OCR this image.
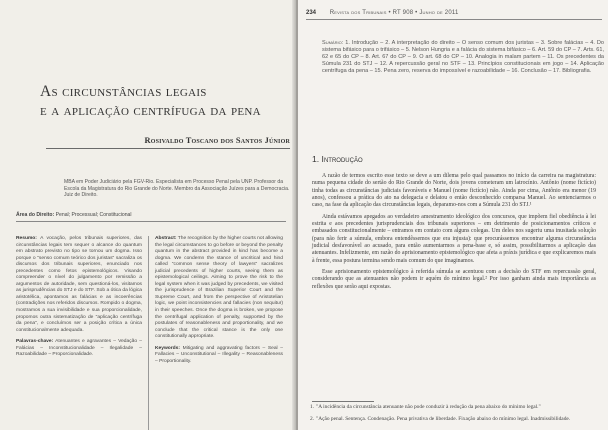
As circunstâncias legais
e a aplicação centrífuga da pena
Rosivaldo Toscano dos Santos Júnior
MBA em Poder Judiciário pela FGV-Rio. Especialista em Processo Penal pela UNP. Professor da Escola da Magistratura do Rio Grande do Norte. Membro da Associação Juízes para a Democracia. Juiz de Direito.
Área do Direito: Penal; Processual; Constitucional
Resumo: A vocação, pelos tribunais superiores, das circunstâncias legais tem sequer o alcance do quantum em abstrato previsto no tipo se tornou um dogma. Isso porque o "senso comum teórico dos juristas" sacraliza os discursos dos tribunais superiores, enunciado nos precedentes como fetos epistemológicos. Visando compreender o nível do julgamento por remissão a argumentos de autoridade, sem questioná-los, visitamos as jurisprudências do STJ e do STF. Sob a ótica da lógica aristotélica, apontamos as falácias e as incoerências (contradições nos referidos discursos. Rompido o dogma, mostramos a sua invisibilidade e sua proporcionalidade, propomos outra sistematização de "aplicação centrífuga da pena", e concluímos ser a posição crítica a única constitucionalmente adequada.
Palavras-chave: Atenuantes e agravantes – Vedação – Falácias – Inconstitucionalidade – Ilegalidade – Razoabilidade – Proporcionalidade.
Abstract: The recognition by the higher courts not allowing the legal circumstances to go before or beyond the penalty quantum in the abstract provided in kind has become a dogma. We condemn the stance of uncritical and hind called "common sense theory of lawyers" sacralizes judicial precedents of higher courts, seeing them as epistemological ceilings. Aiming to prove the risk to the legal system when it was judged by precedents, we visited the jurisprudence of Brazilian Superior Court and the Supreme Court, and from the perspective of Aristotelian logic, we point inconsistencies and fallacies (non sequitur) in their speeches. Once the dogma is broken, we propose the centrifugal application of penalty, supported by the postulates of reasonableness and proportionality, and we conclude that the critical stance is the only one constitutionally appropriate.
Keywords: Mitigating and aggravating factors – Seal – Fallacies – Unconstitutional – Illegality – Reasonableness – Proportionality.
234 Revista dos Tribunais • RT 908 • Junho de 2011
Sumário: 1. Introdução – 2. A interpretação do direito – O senso comum dos juristas – 3. Sobre falácias – 4. Do sistema bifásico para o trifásico – 5. Nelson Hungria e a falácia do sistema bifásico – 6. Art. 59 do CP – 7. Arts. 61, 62 e 65 do CP – 8. Art. 67 do CP – 9. O art. 68 do CP – 10. Analogia in malam partem – 11. Os precedentes da Súmula 231 do STJ – 12. A repercussão geral no STF – 13. Princípios constitucionais em jogo – 14. Aplicação centrífuga da pena – 15. Pena zero, reserva do impossível e razoabilidade – 16. Conclusão – 17. Bibliografia.
1. Introdução

A razão de termos escrito esse texto se deve a um dilema pelo qual passamos no início da carreira na magistratura: numa pequena cidade do sertão do Rio Grande do Norte, dois jovens cometeram um latrocínio. Antônio (nome fictício) tinha todas as circunstâncias judiciais favoráveis e Manuel (nome fictício) não. Ainda por cima, Antônio era menor (19 anos), confessou a prática do ato na delegacia e delatou o então desconhecido comparsa Manuel. Ao sentenciarmos o caso, na fase da aplicação das circunstâncias legais, deparamo-nos com a Súmula 231 do STJ.¹

Ainda estávamos apegados ao verdadeiro amestramento ideológico dos concursos, que impõem fiel obediência à lei estrita e aos precedentes jurisprudenciais dos tribunais superiores – em detrimento de posicionamentos críticos e embasados constitucionalmente – entramos em contato com alguns colegas. Um deles nos sugeriu uma inusitada solução (para não ferir a súmula, embora entendêssemos que era injusta): que procurássemos encontrar alguma circunstância judicial desfavorável ao acusado, para então aumentarmos a pena-base e, só assim, possibilitarmos a aplicação das atenuantes. Infelizmente, em razão do aprisionamento epistemológico que afeta a práxis jurídica e que explicaremos mais à frente, essa postura termina sendo mais comum do que imaginamos.

Esse aprisionamento epistemológico à referida súmula se acentuou com a decisão do STF em repercussão geral, considerando que as atenuantes não podem ir aquém do mínimo legal.² Por isso ganham ainda mais importância as reflexões que serão aqui expostas.

1. "A incidência da circunstância atenuante não pode conduzir à redução da pena abaixo do mínimo legal."
2. "Ação penal. Sentença. Condenação. Pena privativa de liberdade. Fixação abaixo do mínimo legal. Inadmissibilidade.
